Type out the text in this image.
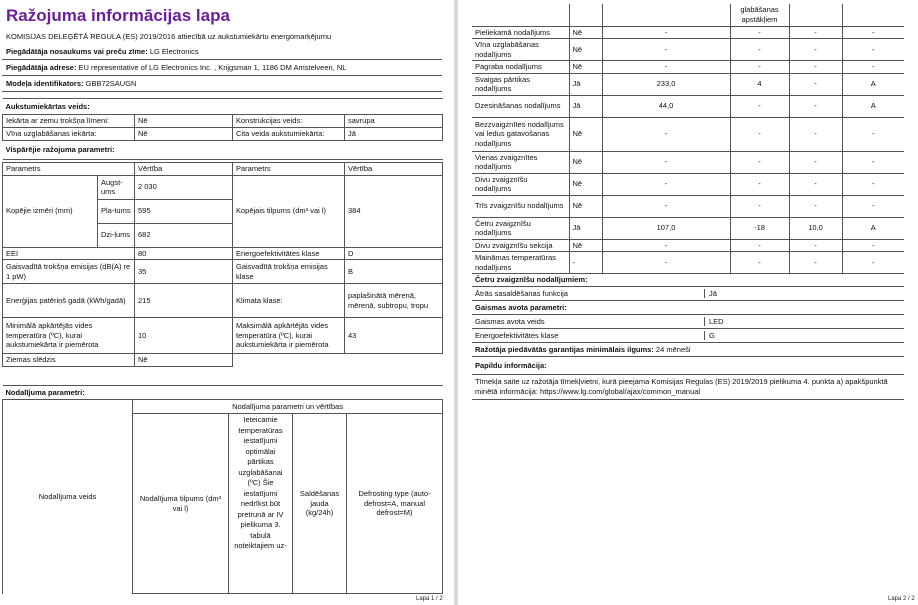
Ražojuma informācijas lapa
KOMISIJAS DELEĢĒTĀ REGULA (ES) 2019/2016 attiecībā uz aukstumiekārtu energomarķējumu
Piegādātāja nosaukums vai preču zīme: LG Electronics
Piegādātāja adrese: EU representative of LG Electronics Inc. , Krijgsman 1, 1186 DM Amstelveen, NL
Modeļa identifikators: GBB72SAUGN
Aukstumiekārtas veids:			
Iekārta ar zemu trokšņa līmeni:	Nē	Konstrukcijas veids:	savrupa
Vīna uzglabāšanas iekārta:	Nē	Cita veida aukstumiekārta:	Jā
Vispārējie ražojuma parametri:			
Parametrs		Vērtība	Parametrs	Vērtība
Kopējie izmēri (mm)	Augst-ums	2 030	Kopējais tilpums (dm³ vai l)	384
	Pla-tums	595		
	Dzi-ļums	682		
EEI		80	Energoefektivitātes klase	D
Gaisvadītā trokšņa emisijas (dB(A) re 1 pW)		35	Gaisvadītā trokšņa emisijas klase	B
Enerģijas patēriņš gadā (kWh/gadā)		215	Klimata klase:	paplašinātā mērenā, mērenā, subtropu, tropu
Minimālā apkārtējās vides temperatūra (ºC), kurai aukstumiekārta ir piemērota		10	Maksimālā apkārtējās vides temperatūra (ºC), kurai aukstumiekārta ir piemērota	43
Ziemas slēdzis		Nē		
Nodalījuma parametri:				
Nodalījuma veids	Nodalījuma parametri un vērtības			
	Nodalījuma tilpums (dm³ vai l)	Ieteicamie temperatūras iestatījumi optimālai pārtikas uzglabāšanai (ºC) Šie iestatījumi nedrīkst būt pretrunā ar IV pielikuma 3. tabulā noteiktajiem uz-	Saldēšanas jauda (kg/24h)	Defrosting type (auto-defrost=A, manual defrost=M)
Lapa 1 / 2
			glabāšanas apstākļiem		
Pieliekamā nodalījums	Nē	-	-	-	-
Vīna uzglabāšanas nodalījums	Nē	-	-	-	-
Pagraba nodalījums	Nē	-	-	-	-
Svaigas pārtikas nodalījums	Jā	233,0	4	-	A
Dzesināšanas nodalījums	Jā	44,0	-	-	A
Bezzvaigznītes nodalījums vai ledus gatavošanas nodalījums	Nē	-	-	-	-
Vienas zvaigznītes nodalījums	Nē	-	-	-	-
Divu zvaigznīšu nodalījums	Nē	-	-	-	-
Trīs zvaigznīšu nodalījums	Nē	-	-	-	-
Četru zvaigznīšu nodalījums	Jā	107,0	-18	10,0	A
Divu zvaigznīšu sekcija	Nē	-	-	-	-
Maināmas temperatūras nodalījums	-	-	-	-	-
Četru zvaigznīšu nodalījumiem:
Ātrās sasaldēšanas funkcija	Jā
Gaismas avota parametri:
Gaismas avota veids	LED
Energoefektivitātes klase	G
Ražotāja piedāvātās garantijas minimālais ilgums: 24 mēneši
Papildu informācija:
Tīmekļa saite uz ražotāja tīmekļvietni, kurā pieejama Komisijas Regulas (ES) 2019/2019 pielikuma 4. punkta a) apakšpunktā minētā informācija: https://www.lg.com/global/ajax/common_manual
Lapa 2 / 2
